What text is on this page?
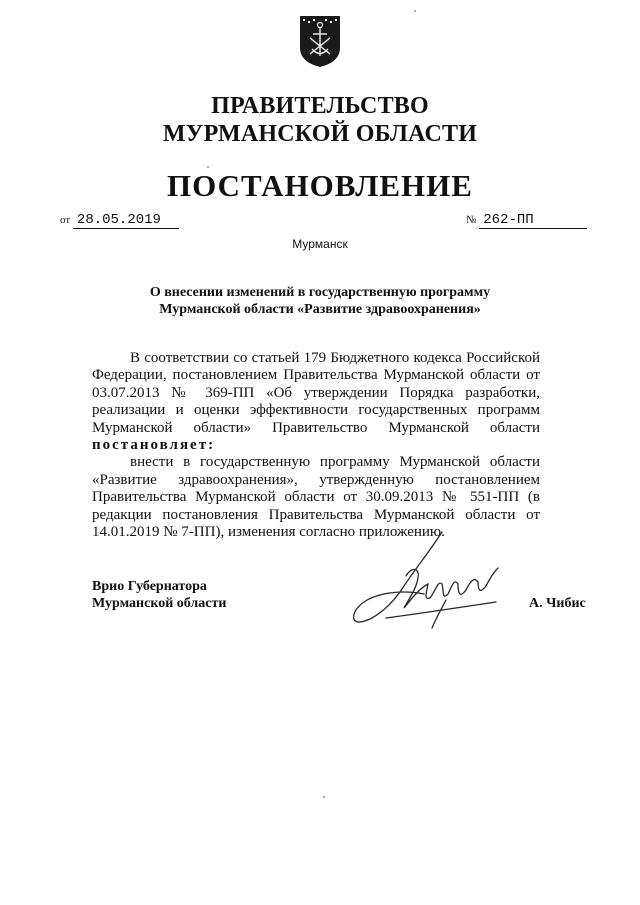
ПРАВИТЕЛЬСТВО
МУРМАНСКОЙ ОБЛАСТИ
ПОСТАНОВЛЕНИЕ
от 28.05.2019	№ 262-ПП
Мурманск
О внесении изменений в государственную программу
Мурманской области «Развитие здравоохранения»

В соответствии со статьей 179 Бюджетного кодекса Российской Федерации, постановлением Правительства Мурманской области от 03.07.2013 № 369-ПП «Об утверждении Порядка разработки, реализации и оценки эффективности государственных программ Мурманской области» Правительство Мурманской области постановляет:

внести в государственную программу Мурманской области «Развитие здравоохранения», утвержденную постановлением Правительства Мурманской области от 30.09.2013 № 551-ПП (в редакции постановления Правительства Мурманской области от 14.01.2019 № 7-ПП), изменения согласно приложению.

Врио Губернатора
Мурманской области	А. Чибис
